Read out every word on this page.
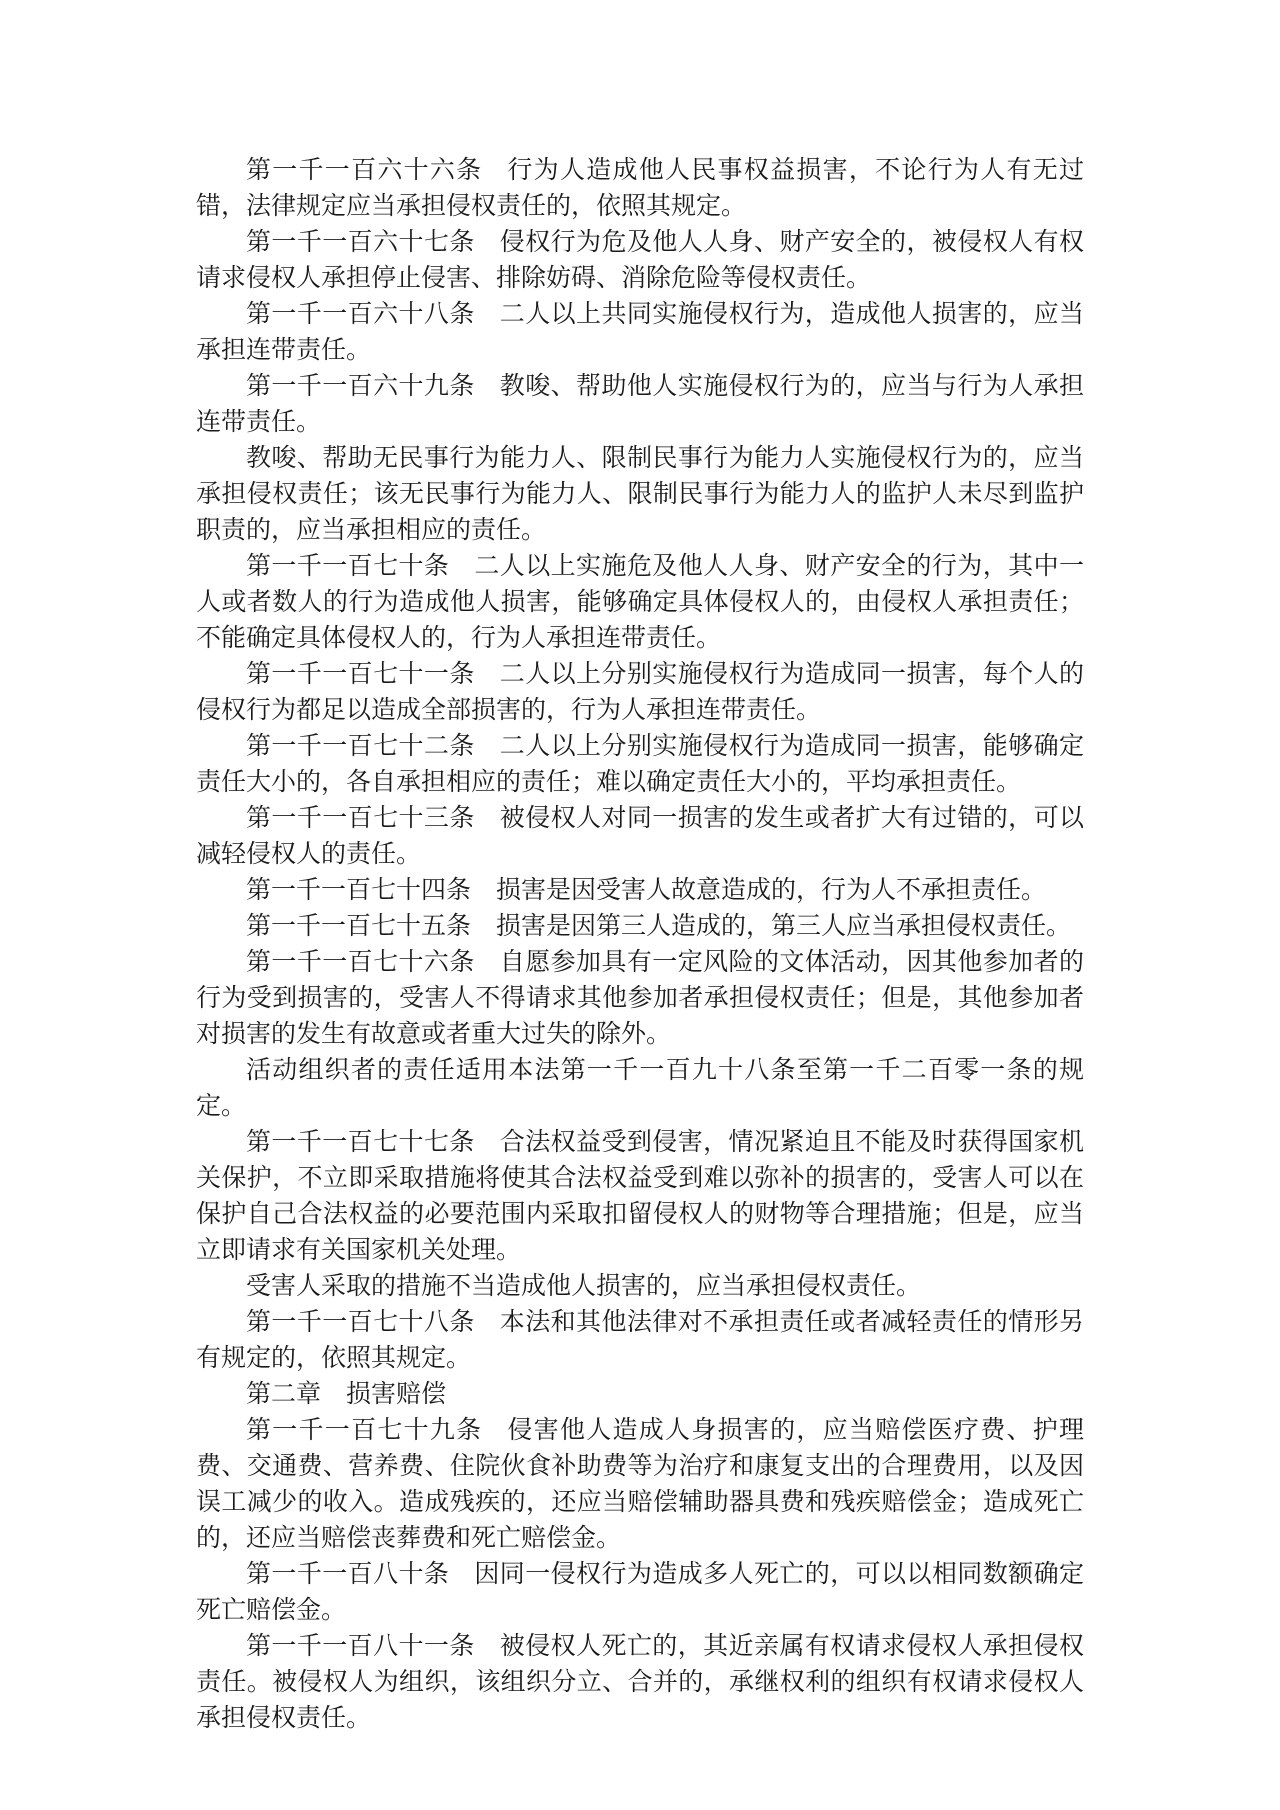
第一千一百六十六条 行为人造成他人民事权益损害，不论行为人有无过错，法律规定应当承担侵权责任的，依照其规定。

第一千一百六十七条 侵权行为危及他人人身、财产安全的，被侵权人有权请求侵权人承担停止侵害、排除妨碍、消除危险等侵权责任。

第一千一百六十八条 二人以上共同实施侵权行为，造成他人损害的，应当承担连带责任。

第一千一百六十九条 教唆、帮助他人实施侵权行为的，应当与行为人承担连带责任。

教唆、帮助无民事行为能力人、限制民事行为能力人实施侵权行为的，应当承担侵权责任；该无民事行为能力人、限制民事行为能力人的监护人未尽到监护职责的，应当承担相应的责任。

第一千一百七十条 二人以上实施危及他人人身、财产安全的行为，其中一人或者数人的行为造成他人损害，能够确定具体侵权人的，由侵权人承担责任；不能确定具体侵权人的，行为人承担连带责任。

第一千一百七十一条 二人以上分别实施侵权行为造成同一损害，每个人的侵权行为都足以造成全部损害的，行为人承担连带责任。

第一千一百七十二条 二人以上分别实施侵权行为造成同一损害，能够确定责任大小的，各自承担相应的责任；难以确定责任大小的，平均承担责任。

第一千一百七十三条 被侵权人对同一损害的发生或者扩大有过错的，可以减轻侵权人的责任。

第一千一百七十四条 损害是因受害人故意造成的，行为人不承担责任。

第一千一百七十五条 损害是因第三人造成的，第三人应当承担侵权责任。

第一千一百七十六条 自愿参加具有一定风险的文体活动，因其他参加者的行为受到损害的，受害人不得请求其他参加者承担侵权责任；但是，其他参加者对损害的发生有故意或者重大过失的除外。

活动组织者的责任适用本法第一千一百九十八条至第一千二百零一条的规定。

第一千一百七十七条 合法权益受到侵害，情况紧迫且不能及时获得国家机关保护，不立即采取措施将使其合法权益受到难以弥补的损害的，受害人可以在保护自己合法权益的必要范围内采取扣留侵权人的财物等合理措施；但是，应当立即请求有关国家机关处理。

受害人采取的措施不当造成他人损害的，应当承担侵权责任。

第一千一百七十八条 本法和其他法律对不承担责任或者减轻责任的情形另有规定的，依照其规定。

第二章 损害赔偿

第一千一百七十九条 侵害他人造成人身损害的，应当赔偿医疗费、护理费、交通费、营养费、住院伙食补助费等为治疗和康复支出的合理费用，以及因误工减少的收入。造成残疾的，还应当赔偿辅助器具费和残疾赔偿金；造成死亡的，还应当赔偿丧葬费和死亡赔偿金。

第一千一百八十条 因同一侵权行为造成多人死亡的，可以以相同数额确定死亡赔偿金。

第一千一百八十一条 被侵权人死亡的，其近亲属有权请求侵权人承担侵权责任。被侵权人为组织，该组织分立、合并的，承继权利的组织有权请求侵权人承担侵权责任。
